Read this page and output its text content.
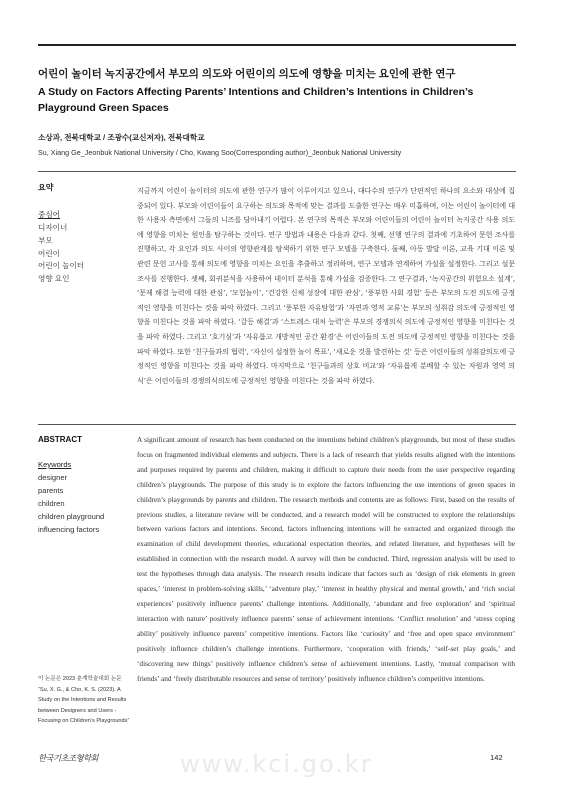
어린이 놀이터 녹지공간에서 부모의 의도와 어린이의 의도에 영향을 미치는 요인에 관한 연구
A Study on Factors Affecting Parents’ Intentions and Children’s Intentions in Children’s Playground Green Spaces
소상과, 전북대학교 / 조광수(교신저자), 전북대학교
Su, Xiang Ge_Jeonbuk National University / Cho, Kwang Soo(Corresponding author)_Jeonbuk National University
요약
중심어
디자이너
부모
어린이
어린이 놀이터
영향 요인

지금까지 어린이 놀이터의 의도에 관한 연구가 많이 이루어지고 있으나, 대다수의 연구가 단편적인 하나의 요소와 대상에 집중되어 있다. 부모와 어린이들이 요구하는 의도와 목적에 맞는 결과를 도출한 연구는 매우 미흡하며, 이는 어린이 놀이터에 대한 사용자 측면에서 그들의 니즈를 담아내기 어렵다. 본 연구의 목적은 부모와 어린이들의 어린이 놀이터 녹지공간 사용 의도에 영향을 미치는 원인을 탐구하는 것이다. 연구 방법과 내용은 다음과 같다. 첫째, 선행 연구의 결과에 기초하여 문헌 조사를 진행하고, 각 요인과 의도 사이의 영향관계를 탐색하기 위한 연구 모델을 구축한다. 둘째, 아동 발달 이론, 교육 기대 이론 및 관련 문헌 고사를 통해 의도에 영향을 미치는 요인을 추출하고 정리하며, 연구 모델과 연계하여 가설을 설정한다. 그리고 설문조사를 진행한다. 셋째, 회귀분석을 사용하여 데이터 분석을 통해 가설을 검증한다. 그 연구결과, ‘녹지공간의 위험요소 설계’, ‘문제 해결 능력에 대한 관심’, ‘모험놀이’, ‘건강한 신체 성장에 대한 관심’, ‘풍부한 사회 경험’ 등은 부모의 도전 의도에 긍정적인 영향을 미친다는 것을 파악 하였다. 그리고 ‘풍부한 자유탐험’과 ‘자연과 영적 교류’는 부모의 성취감 의도에 긍정적인 영향을 미친다는 것을 파악 하였다. ‘갈등 해결’과 ‘스트레스 대처 능력’은 부모의 경쟁의식 의도에 긍정적인 영향을 미친다는 것을 파악 하였다. 그리고 ‘호기심’과 ‘자유롭고 개방적인 공간 환경’은 어린이들의 도전 의도에 긍정적인 영향을 미친다는 것을 파악 하였다. 또한 ‘친구들과의 협력’, ‘자신이 설정한 놀이 목표’, ‘새로운 것을 발견하는 것’ 등은 어린이들의 성취감의도에 긍정적인 영향을 미친다는 것을 파악 하였다. 마지막으로 ‘친구들과의 상호 비교’와 ‘자유롭게 분배할 수 있는 자원과 영역 의식’은 어린이들의 경쟁의식의도에 긍정적인 영향을 미친다는 것을 파악 하였다.

ABSTRACT
Keywords
designer
parents
children
children playground
influencing factors

A significant amount of research has been conducted on the intentions behind children’s playgrounds, but most of these studies focus on fragmented individual elements and subjects. There is a lack of research that yields results aligned with the intentions and purposes required by parents and children, making it difficult to capture their needs from the user perspective regarding children’s playgrounds. The purpose of this study is to explore the factors influencing the use intentions of green spaces in children’s playgrounds by parents and children. The research methods and contents are as follows: First, based on the results of previous studies, a literature review will be conducted, and a research model will be constructed to explore the relationships between various factors and intentions. Second, factors influencing intentions will be extracted and organized through the examination of child development theories, educational expectation theories, and related literature, and hypotheses will be established in connection with the research model. A survey will then be conducted. Third, regression analysis will be used to test the hypotheses through data analysis. The research results indicate that factors such as ‘design of risk elements in green spaces,’ ‘interest in problem-solving skills,’ ‘adventure play,’ ‘interest in healthy physical and mental growth,’ and ‘rich social experiences’ positively influence parents’ challenge intentions. Additionally, ‘abundant and free exploration’ and ‘spiritual interaction with nature’ positively influence parents’ sense of achievement intentions. ‘Conflict resolution’ and ‘stress coping ability’ positively influence parents’ competitive intentions. Factors like ‘curiosity’ and ‘free and open space environment’ positively influence children’s challenge intentions. Furthermore, ‘cooperation with friends,’ ‘self-set play goals,’ and ‘discovering new things’ positively influence children’s sense of achievement intentions. Lastly, ‘mutual comparison with friends’ and ‘freely distributable resources and sense of territory’ positively influence children’s competitive intentions.

이 논문은 2023 춘계학술대회 논문 “Su, X. G., & Cho, K. S. (2023). A Study on the Intentions and Results between Designers and Users - Focusing on Children’s Playgrounds”

한국기초조형학회	www.kci.go.kr	142
